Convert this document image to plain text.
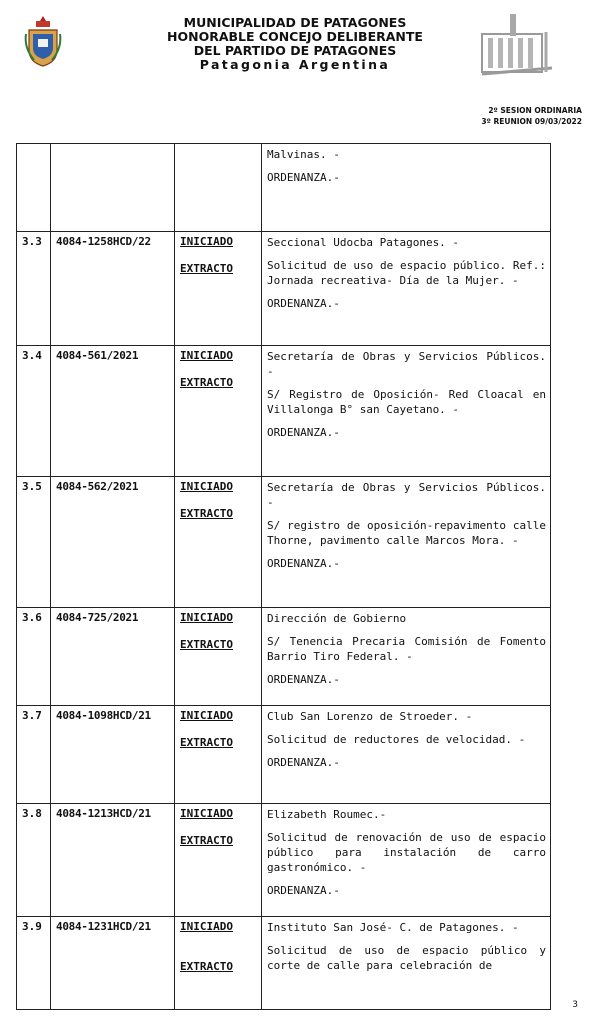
MUNICIPALIDAD DE PATAGONES
HONORABLE CONCEJO DELIBERANTE
DEL PARTIDO DE PATAGONES
Patagonia Argentina
2º SESION ORDINARIA
3º REUNION 09/03/2022

			Malvinas. -
ORDENANZA.-

3.3	4084-1258HCD/22	INICIADO
EXTRACTO	Seccional Udocba Patagones. -
Solicitud de uso de espacio público. Ref.: Jornada recreativa- Día de la Mujer. -
ORDENANZA.-

3.4	4084-561/2021	INICIADO
EXTRACTO	Secretaría de Obras y Servicios Públicos. -
S/ Registro de Oposición- Red Cloacal en Villalonga B° san Cayetano. -
ORDENANZA.-

3.5	4084-562/2021	INICIADO
EXTRACTO	Secretaría de Obras y Servicios Públicos. -
S/ registro de oposición-repavimento calle Thorne, pavimento calle Marcos Mora. -
ORDENANZA.-

3.6	4084-725/2021	INICIADO
EXTRACTO	Dirección de Gobierno
S/ Tenencia Precaria Comisión de Fomento Barrio Tiro Federal. -
ORDENANZA.-

3.7	4084-1098HCD/21	INICIADO
EXTRACTO	Club San Lorenzo de Stroeder. -
Solicitud de reductores de velocidad. -
ORDENANZA.-

3.8	4084-1213HCD/21	INICIADO
EXTRACTO	Elizabeth Roumec.-
Solicitud de renovación de uso de espacio público para instalación de carro gastronómico. -
ORDENANZA.-

3.9	4084-1231HCD/21	INICIADO
EXTRACTO	Instituto San José- C. de Patagones. -
Solicitud de uso de espacio público y corte de calle para celebración de
3
